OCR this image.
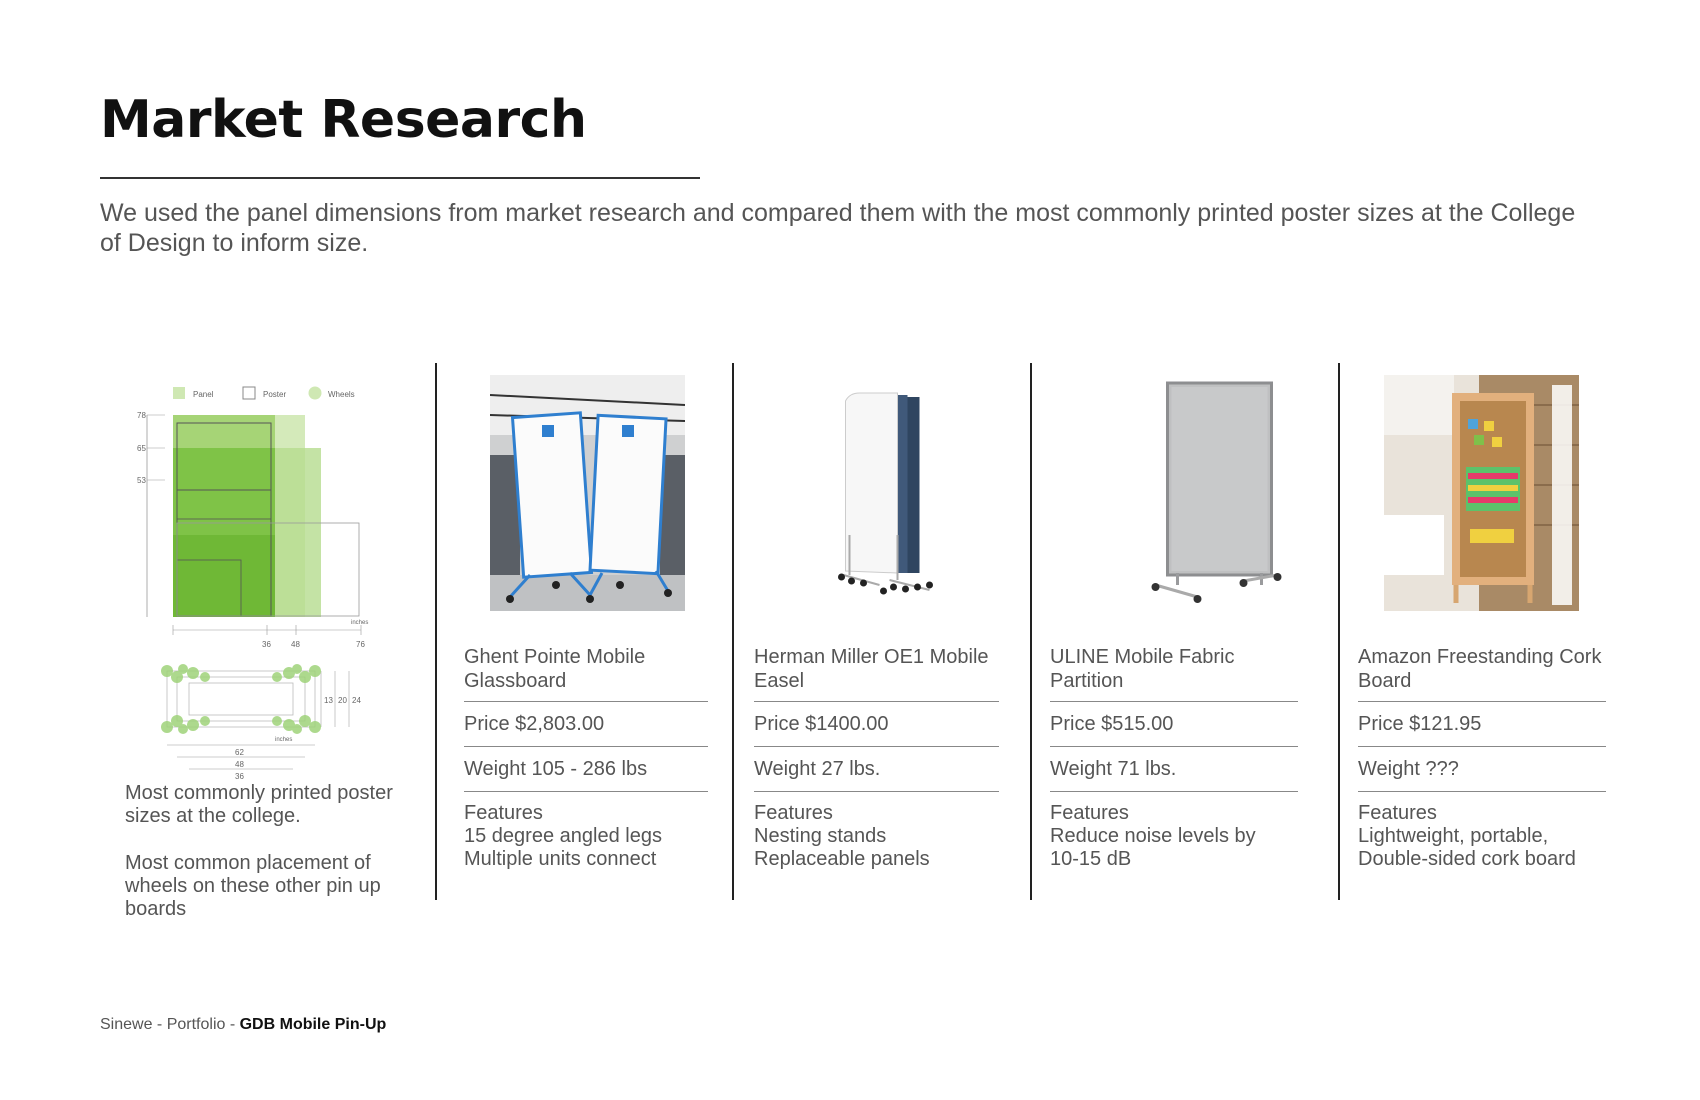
Market Research

We used the panel dimensions from market research and compared them with the most commonly printed poster sizes at the College of Design to inform size.

Panel	Poster	Wheels
78
65
53
inches
36	48	76
13 20 24
inches
62
48
36

Most commonly printed poster sizes at the college.

Most common placement of wheels on these other pin up boards

Ghent Pointe Mobile Glassboard
Price $2,803.00
Weight 105 - 286 lbs
Features
15 degree angled legs
Multiple units connect
Herman Miller OE1 Mobile Easel
Price $1400.00
Weight 27 lbs.
Features
Nesting stands
Replaceable panels
ULINE Mobile Fabric Partition
Price $515.00
Weight 71 lbs.
Features
Reduce noise levels by
10-15 dB
Amazon Freestanding Cork Board
Price $121.95
Weight ???
Features
Lightweight, portable,
Double-sided cork board
Sinewe - Portfolio - GDB Mobile Pin-Up
